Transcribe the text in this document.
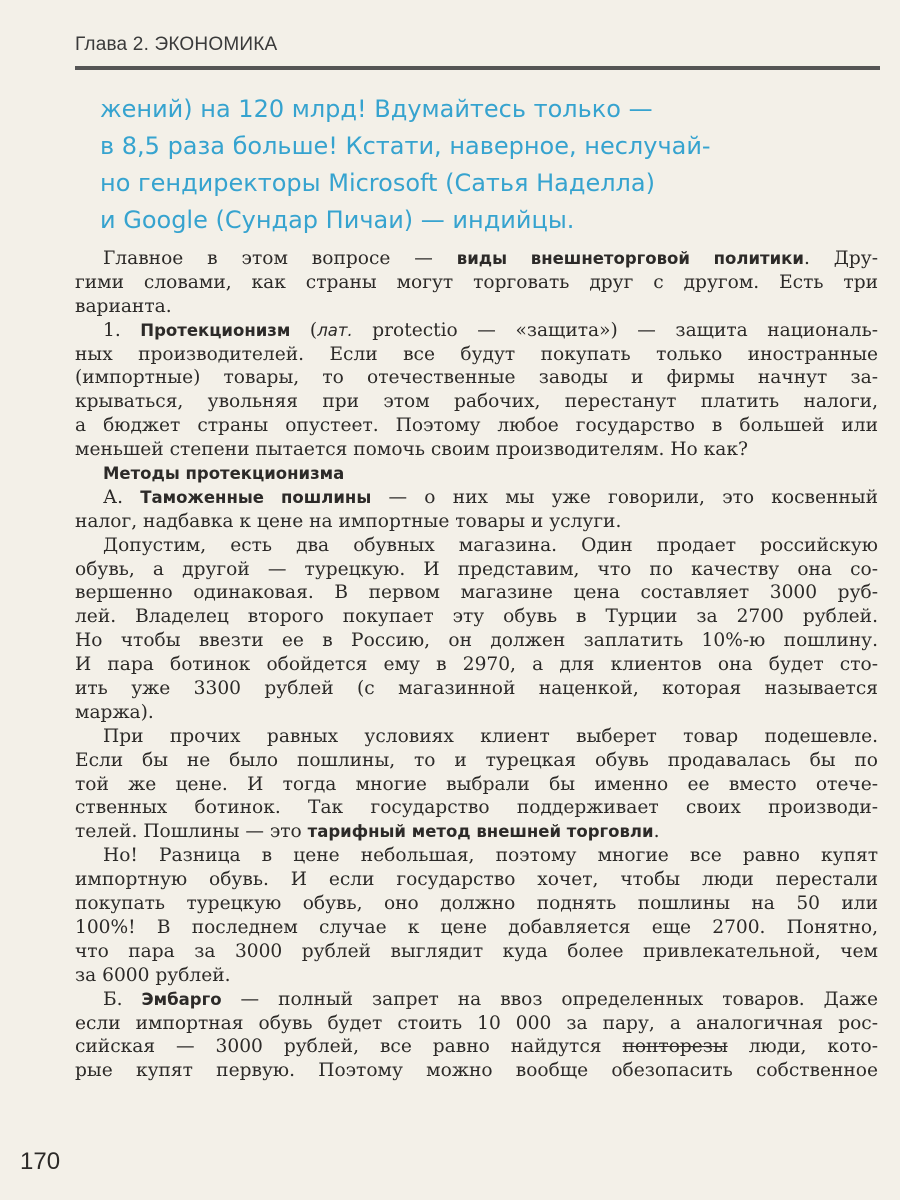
Глава 2. ЭКОНОМИКА
жений) на 120 млрд! Вдумайтесь только —
в 8,5 раза больше! Кстати, наверное, неслучай-
но гендиректоры Microsoft (Сатья Наделла)
и Google (Сундар Пичаи) — индийцы.
Главное в этом вопросе — виды внешнеторговой политики. Дру-
гими словами, как страны могут торговать друг с другом. Есть три
варианта.
1. Протекционизм (лат. protectio — «защита») — защита националь-
ных производителей. Если все будут покупать только иностранные
(импортные) товары, то отечественные заводы и фирмы начнут за-
крываться, увольняя при этом рабочих, перестанут платить налоги,
а бюджет страны опустеет. Поэтому любое государство в большей или
меньшей степени пытается помочь своим производителям. Но как?
Методы протекционизма
А. Таможенные пошлины — о них мы уже говорили, это косвенный
налог, надбавка к цене на импортные товары и услуги.
Допустим, есть два обувных магазина. Один продает российскую
обувь, а другой — турецкую. И представим, что по качеству она со-
вершенно одинаковая. В первом магазине цена составляет 3000 руб-
лей. Владелец второго покупает эту обувь в Турции за 2700 рублей.
Но чтобы ввезти ее в Россию, он должен заплатить 10%-ю пошлину.
И пара ботинок обойдется ему в 2970, а для клиентов она будет сто-
ить уже 3300 рублей (с магазинной наценкой, которая называется
маржа).
При прочих равных условиях клиент выберет товар подешевле.
Если бы не было пошлины, то и турецкая обувь продавалась бы по
той же цене. И тогда многие выбрали бы именно ее вместо отече-
ственных ботинок. Так государство поддерживает своих производи-
телей. Пошлины — это тарифный метод внешней торговли.
Но! Разница в цене небольшая, поэтому многие все равно купят
импортную обувь. И если государство хочет, чтобы люди перестали
покупать турецкую обувь, оно должно поднять пошлины на 50 или
100%! В последнем случае к цене добавляется еще 2700. Понятно,
что пара за 3000 рублей выглядит куда более привлекательной, чем
за 6000 рублей.
Б. Эмбарго — полный запрет на ввоз определенных товаров. Даже
если импортная обувь будет стоить 10 000 за пару, а аналогичная рос-
сийская — 3000 рублей, все равно найдутся понторезы люди, кото-
рые купят первую. Поэтому можно вообще обезопасить собственное
170
